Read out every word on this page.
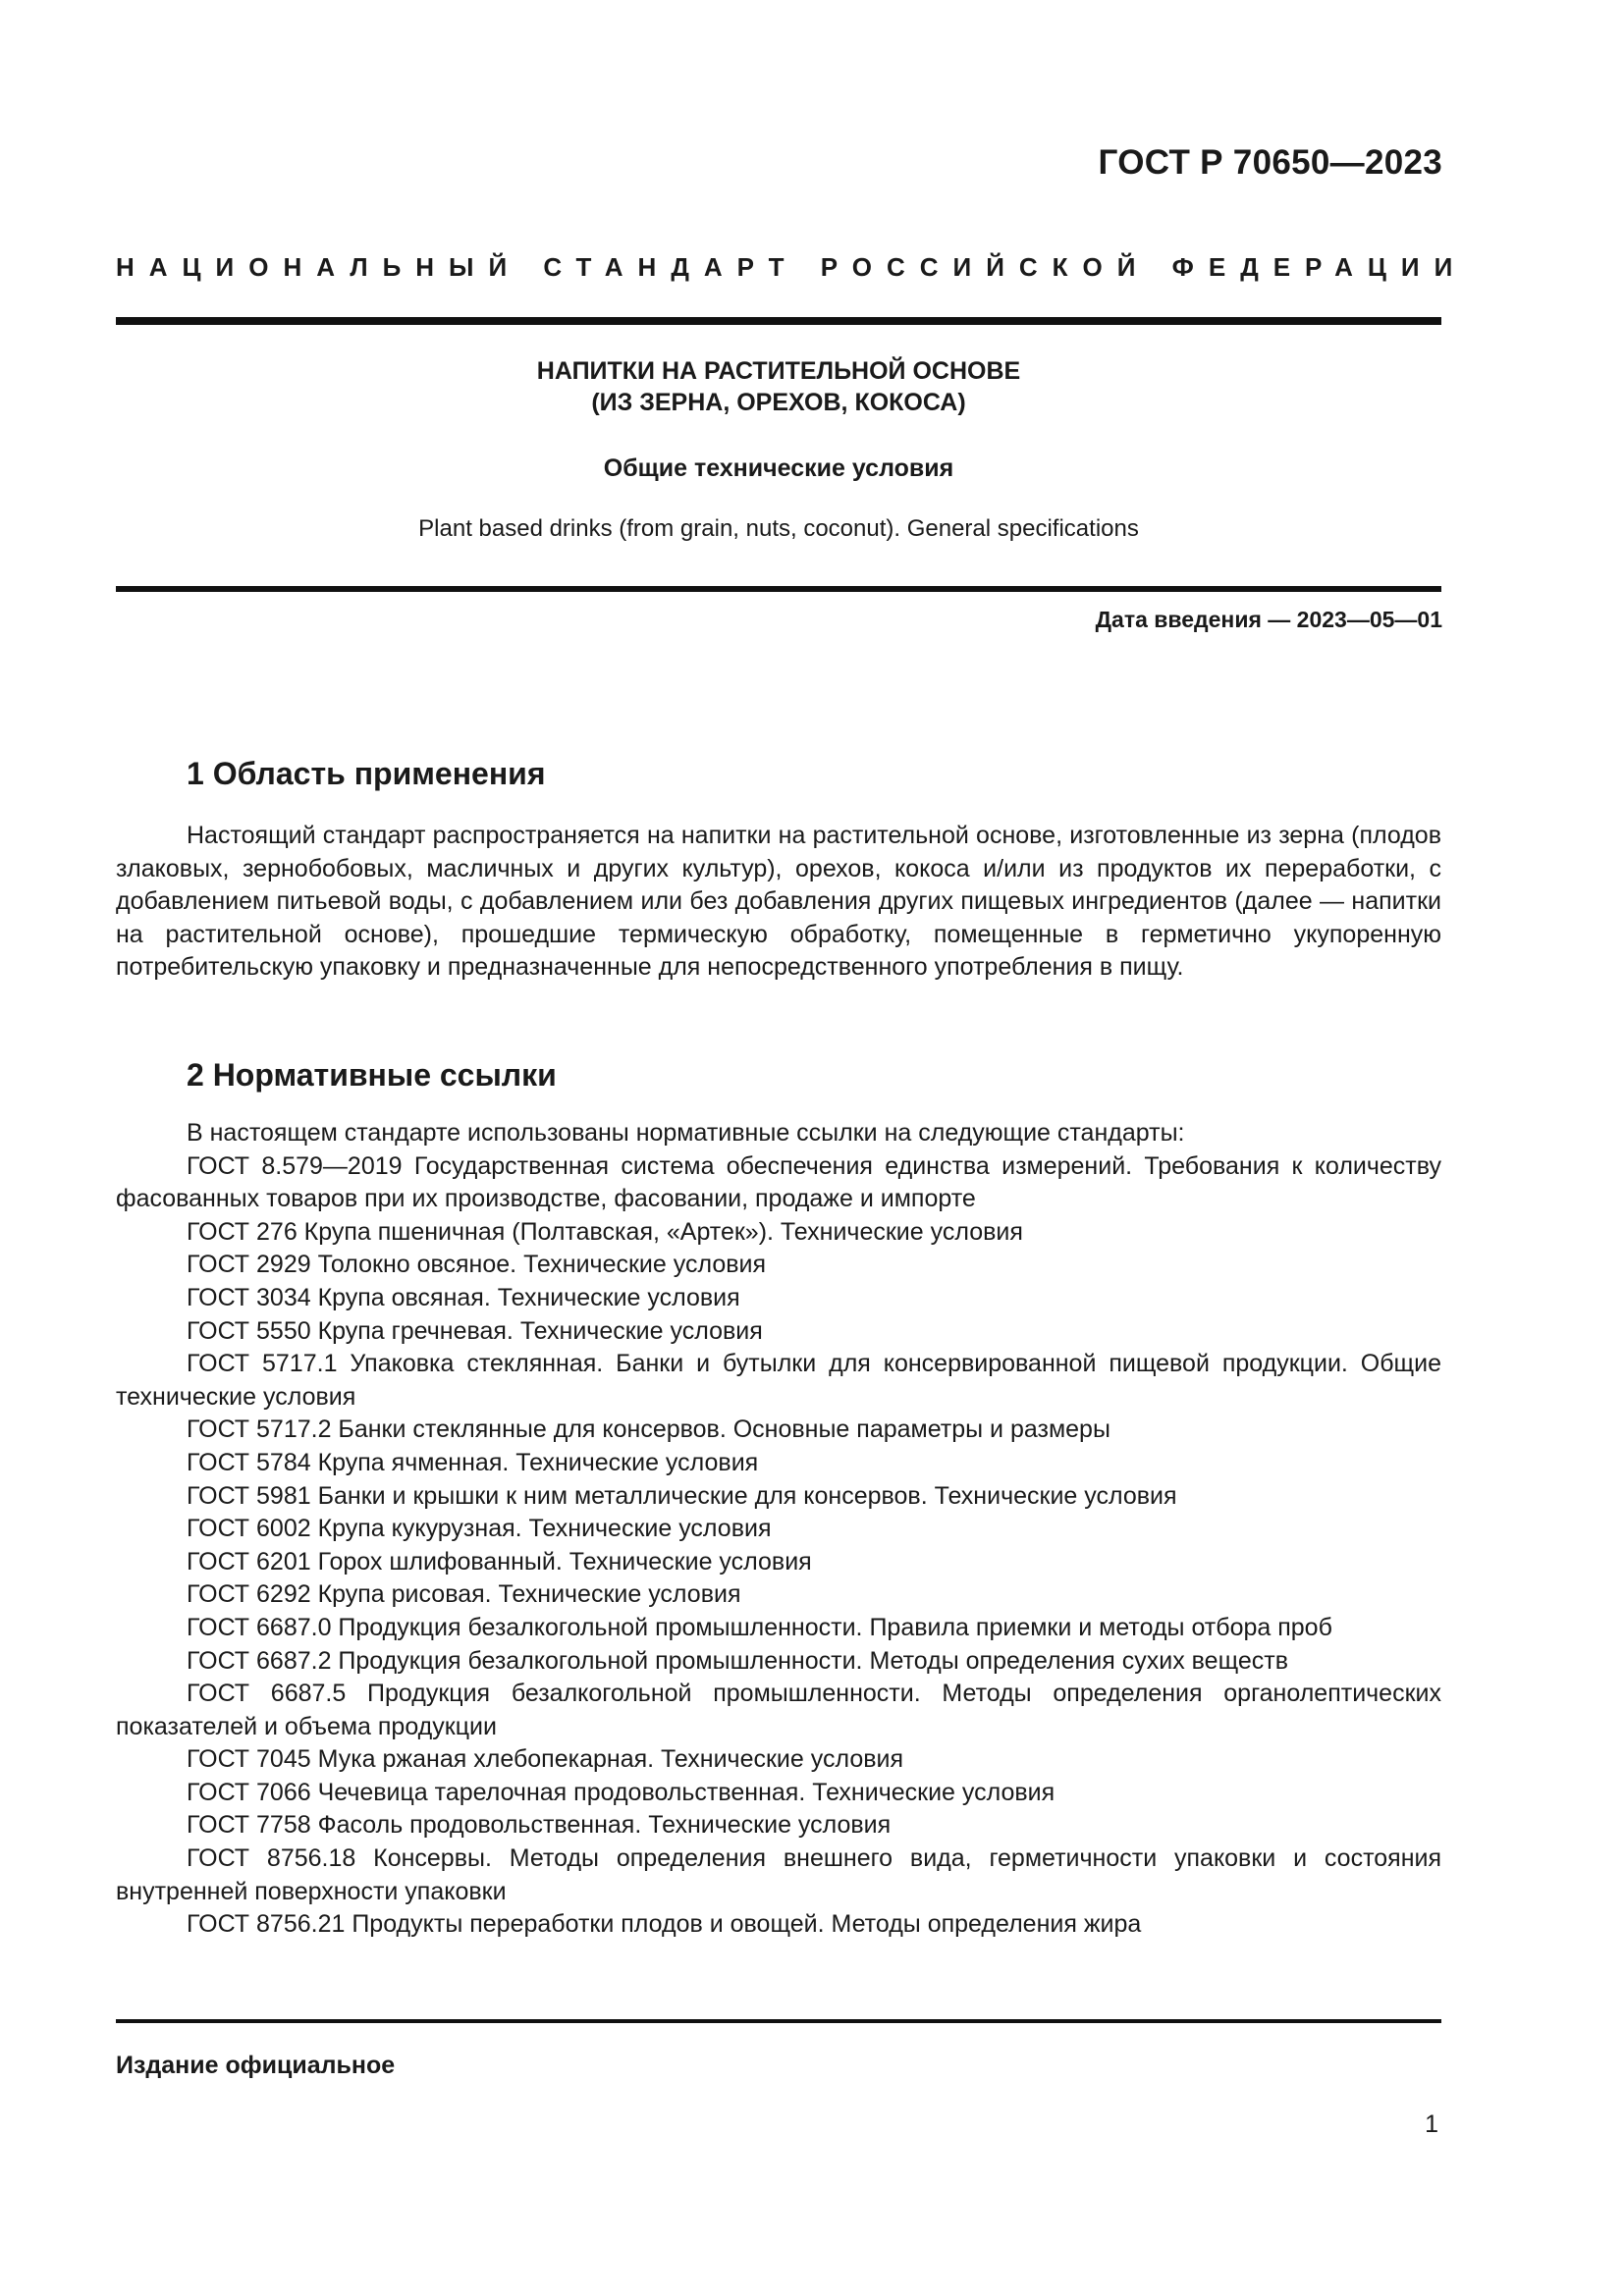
ГОСТ Р 70650—2023
НАЦИОНАЛЬНЫЙ СТАНДАРТ РОССИЙСКОЙ ФЕДЕРАЦИИ
НАПИТКИ НА РАСТИТЕЛЬНОЙ ОСНОВЕ
(ИЗ ЗЕРНА, ОРЕХОВ, КОКОСА)
Общие технические условия
Plant based drinks (from grain, nuts, coconut). General specifications
Дата введения — 2023—05—01
1 Область применения

Настоящий стандарт распространяется на напитки на растительной основе, изготовленные из зерна (плодов злаковых, зернобобовых, масличных и других культур), орехов, кокоса и/или из продуктов их переработки, с добавлением питьевой воды, с добавлением или без добавления других пищевых ингредиентов (далее — напитки на растительной основе), прошедшие термическую обработку, помещенные в герметично укупоренную потребительскую упаковку и предназначенные для непосредственного употребления в пищу.

2 Нормативные ссылки

В настоящем стандарте использованы нормативные ссылки на следующие стандарты:

ГОСТ 8.579—2019 Государственная система обеспечения единства измерений. Требования к количеству фасованных товаров при их производстве, фасовании, продаже и импорте

ГОСТ 276 Крупа пшеничная (Полтавская, «Артек»). Технические условия

ГОСТ 2929 Толокно овсяное. Технические условия

ГОСТ 3034 Крупа овсяная. Технические условия

ГОСТ 5550 Крупа гречневая. Технические условия

ГОСТ 5717.1 Упаковка стеклянная. Банки и бутылки для консервированной пищевой продукции. Общие технические условия

ГОСТ 5717.2 Банки стеклянные для консервов. Основные параметры и размеры

ГОСТ 5784 Крупа ячменная. Технические условия

ГОСТ 5981 Банки и крышки к ним металлические для консервов. Технические условия

ГОСТ 6002 Крупа кукурузная. Технические условия

ГОСТ 6201 Горох шлифованный. Технические условия

ГОСТ 6292 Крупа рисовая. Технические условия

ГОСТ 6687.0 Продукция безалкогольной промышленности. Правила приемки и методы отбора проб

ГОСТ 6687.2 Продукция безалкогольной промышленности. Методы определения сухих веществ

ГОСТ 6687.5 Продукция безалкогольной промышленности. Методы определения органолептических показателей и объема продукции

ГОСТ 7045 Мука ржаная хлебопекарная. Технические условия

ГОСТ 7066 Чечевица тарелочная продовольственная. Технические условия

ГОСТ 7758 Фасоль продовольственная. Технические условия

ГОСТ 8756.18 Консервы. Методы определения внешнего вида, герметичности упаковки и состояния внутренней поверхности упаковки

ГОСТ 8756.21 Продукты переработки плодов и овощей. Методы определения жира

Издание официальное
1
